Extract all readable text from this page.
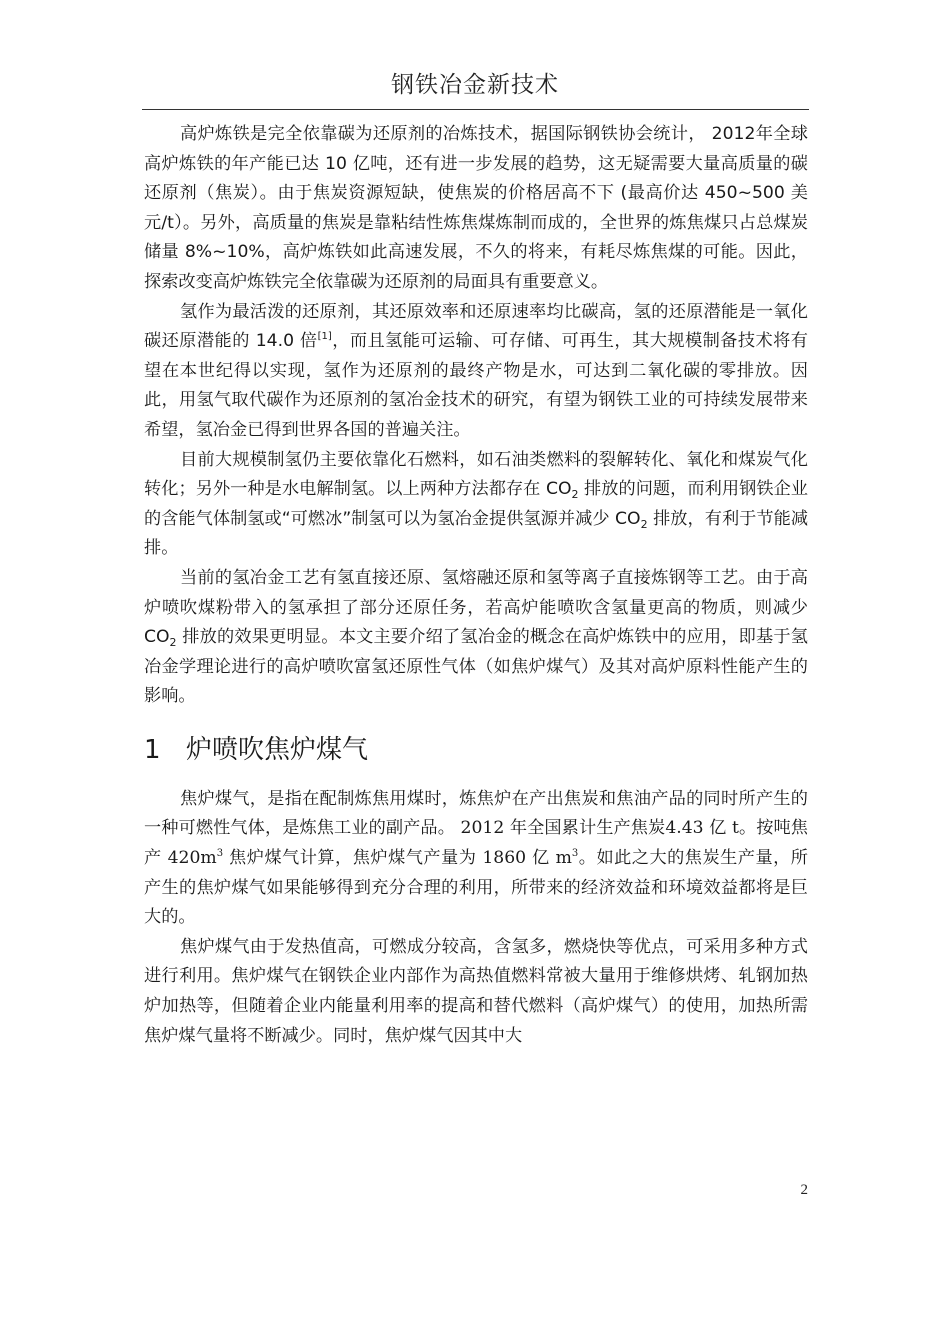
钢铁冶金新技术

高炉炼铁是完全依靠碳为还原剂的冶炼技术，据国际钢铁协会统计， 2012年全球高炉炼铁的年产能已达 10 亿吨，还有进一步发展的趋势，这无疑需要大量高质量的碳还原剂（焦炭）。由于焦炭资源短缺，使焦炭的价格居高不下 (最高价达 450~500 美元/t）。另外，高质量的焦炭是靠粘结性炼焦煤炼制而成的，全世界的炼焦煤只占总煤炭储量 8%~10%，高炉炼铁如此高速发展，不久的将来，有耗尽炼焦煤的可能。因此，探索改变高炉炼铁完全依靠碳为还原剂的局面具有重要意义。

氢作为最活泼的还原剂，其还原效率和还原速率均比碳高，氢的还原潜能是一氧化碳还原潜能的 14.0 倍[1]，而且氢能可运输、可存储、可再生，其大规模制备技术将有望在本世纪得以实现，氢作为还原剂的最终产物是水，可达到二氧化碳的零排放。因此，用氢气取代碳作为还原剂的氢冶金技术的研究，有望为钢铁工业的可持续发展带来希望，氢冶金已得到世界各国的普遍关注。

目前大规模制氢仍主要依靠化石燃料，如石油类燃料的裂解转化、氧化和煤炭气化转化；另外一种是水电解制氢。以上两种方法都存在 $CO_2$ 排放的问题，而利用钢铁企业的含能气体制氢或“可燃冰”制氢可以为氢冶金提供氢源并减少 $CO_2$ 排放，有利于节能减排。

当前的氢冶金工艺有氢直接还原、氢熔融还原和氢等离子直接炼钢等工艺。由于高炉喷吹煤粉带入的氢承担了部分还原任务，若高炉能喷吹含氢量更高的物质，则减少 $CO_2$ 排放的效果更明显。本文主要介绍了氢冶金的概念在高炉炼铁中的应用，即基于氢冶金学理论进行的高炉喷吹富氢还原性气体（如焦炉煤气）及其对高炉原料性能产生的影响。

1 炉喷吹焦炉煤气

焦炉煤气，是指在配制炼焦用煤时，炼焦炉在产出焦炭和焦油产品的同时所产生的一种可燃性气体，是炼焦工业的副产品。 2012 年全国累计生产焦炭4.43 亿 t。按吨焦产 $420m^3$ 焦炉煤气计算，焦炉煤气产量为 1860 亿 $m^3$。如此之大的焦炭生产量，所产生的焦炉煤气如果能够得到充分合理的利用，所带来的经济效益和环境效益都将是巨大的。

焦炉煤气由于发热值高，可燃成分较高，含氢多，燃烧快等优点，可采用多种方式进行利用。焦炉煤气在钢铁企业内部作为高热值燃料常被大量用于维修烘烤、轧钢加热炉加热等，但随着企业内能量利用率的提高和替代燃料（高炉煤气）的使用，加热所需焦炉煤气量将不断减少。同时，焦炉煤气因其中大

2
